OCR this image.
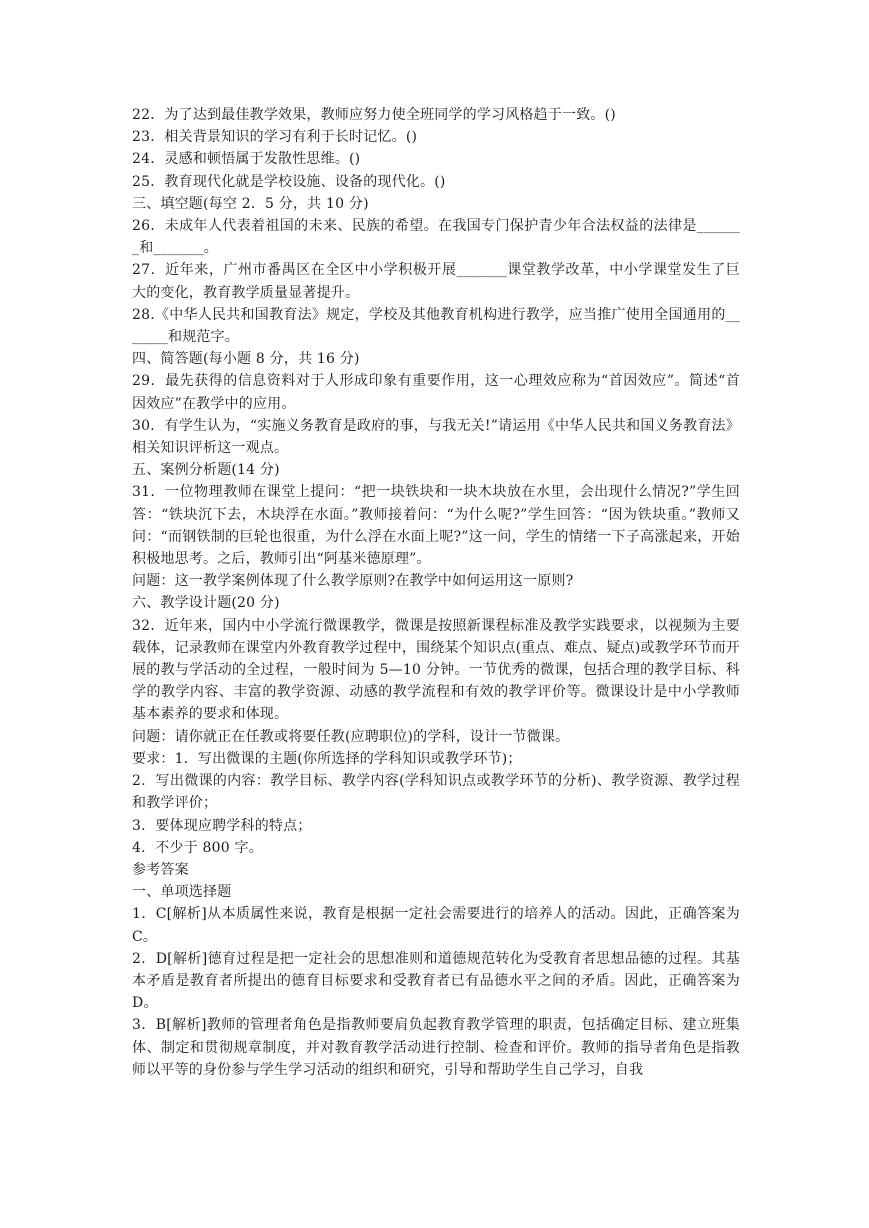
22．为了达到最佳教学效果，教师应努力使全班同学的学习风格趋于一致。()

23．相关背景知识的学习有利于长时记忆。()

24．灵感和顿悟属于发散性思维。()

25．教育现代化就是学校设施、设备的现代化。()

三、填空题(每空 2．5 分，共 10 分)

26．未成年人代表着祖国的未来、民族的希望。在我国专门保护青少年合法权益的法律是_______和_______。

27．近年来，广州市番禺区在全区中小学积极开展_______课堂教学改革，中小学课堂发生了巨大的变化，教育教学质量显著提升。

28.《中华人民共和国教育法》规定，学校及其他教育机构进行教学，应当推广使用全国通用的_______和规范字。

四、简答题(每小题 8 分，共 16 分)

29．最先获得的信息资料对于人形成印象有重要作用，这一心理效应称为“首因效应”。简述“首因效应”在教学中的应用。

30．有学生认为，“实施义务教育是政府的事，与我无关!”请运用《中华人民共和国义务教育法》相关知识评析这一观点。

五、案例分析题(14 分)

31．一位物理教师在课堂上提问：“把一块铁块和一块木块放在水里，会出现什么情况?”学生回答：“铁块沉下去，木块浮在水面。”教师接着问：“为什么呢?”学生回答：“因为铁块重。”教师又问：“而钢铁制的巨轮也很重，为什么浮在水面上呢?”这一问，学生的情绪一下子高涨起来，开始积极地思考。之后，教师引出“阿基米德原理”。

问题：这一教学案例体现了什么教学原则?在教学中如何运用这一原则?

六、教学设计题(20 分)

32．近年来，国内中小学流行微课教学，微课是按照新课程标准及教学实践要求，以视频为主要载体，记录教师在课堂内外教育教学过程中，围绕某个知识点(重点、难点、疑点)或教学环节而开展的教与学活动的全过程，一般时间为 5—10 分钟。一节优秀的微课，包括合理的教学目标、科学的教学内容、丰富的教学资源、动感的教学流程和有效的教学评价等。微课设计是中小学教师基本素养的要求和体现。

问题：请你就正在任教或将要任教(应聘职位)的学科，设计一节微课。

要求：1．写出微课的主题(你所选择的学科知识或教学环节)；

2．写出微课的内容：教学目标、教学内容(学科知识点或教学环节的分析)、教学资源、教学过程和教学评价；

3．要体现应聘学科的特点；

4．不少于 800 字。

参考答案

一、单项选择题

1．C[解析]从本质属性来说，教育是根据一定社会需要进行的培养人的活动。因此，正确答案为 C。

2．D[解析]德育过程是把一定社会的思想准则和道德规范转化为受教育者思想品德的过程。其基本矛盾是教育者所提出的德育目标要求和受教育者已有品德水平之间的矛盾。因此，正确答案为 D。

3．B[解析]教师的管理者角色是指教师要肩负起教育教学管理的职责，包括确定目标、建立班集体、制定和贯彻规章制度，并对教育教学活动进行控制、检查和评价。教师的指导者角色是指教师以平等的身份参与学生学习活动的组织和研究，引导和帮助学生自己学习，自我
